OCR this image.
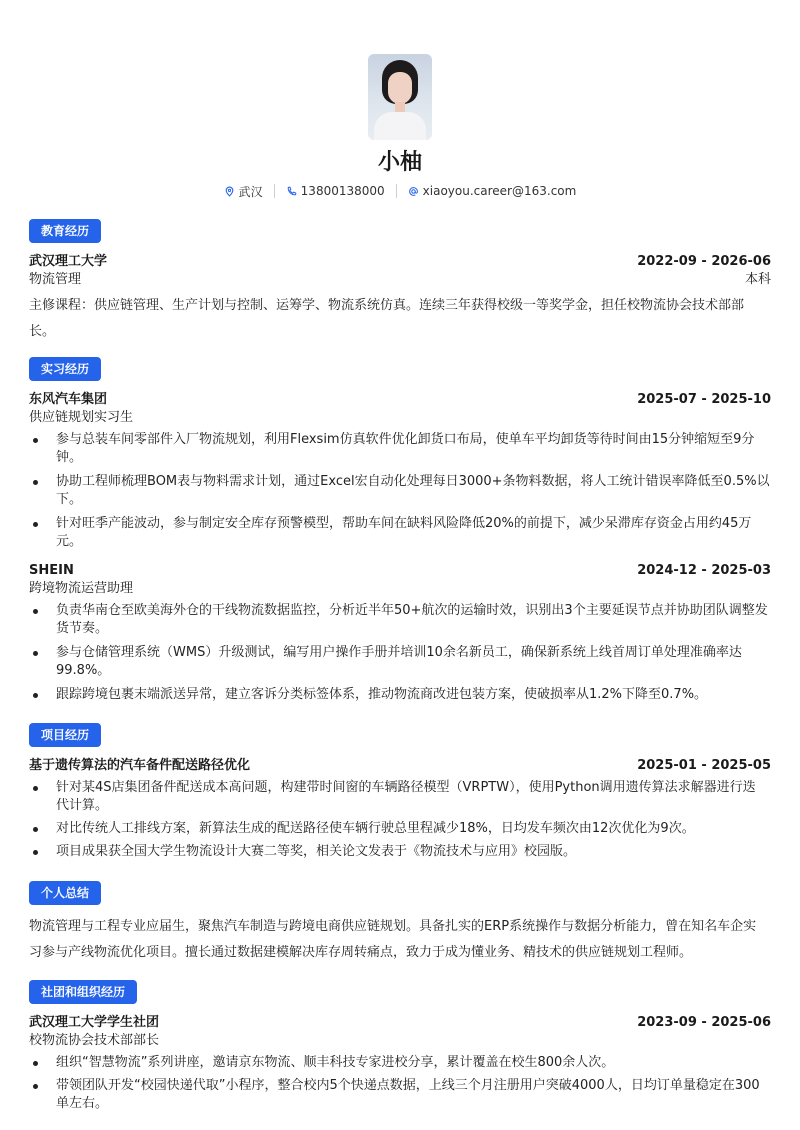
小柚
武汉	13800138000	xiaoyou.career@163.com
教育经历
武汉理工大学	2022-09 - 2026-06
物流管理	本科
主修课程：供应链管理、生产计划与控制、运筹学、物流系统仿真。连续三年获得校级一等奖学金，担任校物流协会技术部部
长。
实习经历
东风汽车集团	2025-07 - 2025-10
供应链规划实习生
参与总装车间零部件入厂物流规划，利用Flexsim仿真软件优化卸货口布局，使单车平均卸货等待时间由15分钟缩短至9分
钟。
协助工程师梳理BOM表与物料需求计划，通过Excel宏自动化处理每日3000+条物料数据，将人工统计错误率降低至0.5%以
下。
针对旺季产能波动，参与制定安全库存预警模型，帮助车间在缺料风险降低20%的前提下，减少呆滞库存资金占用约45万
元。
SHEIN	2024-12 - 2025-03
跨境物流运营助理
负责华南仓至欧美海外仓的干线物流数据监控，分析近半年50+航次的运输时效，识别出3个主要延误节点并协助团队调整发
货节奏。
参与仓储管理系统（WMS）升级测试，编写用户操作手册并培训10余名新员工，确保新系统上线首周订单处理准确率达
99.8%。
跟踪跨境包裹末端派送异常，建立客诉分类标签体系，推动物流商改进包装方案，使破损率从1.2%下降至0.7%。
项目经历
基于遗传算法的汽车备件配送路径优化	2025-01 - 2025-05
针对某4S店集团备件配送成本高问题，构建带时间窗的车辆路径模型（VRPTW），使用Python调用遗传算法求解器进行迭
代计算。
对比传统人工排线方案，新算法生成的配送路径使车辆行驶总里程减少18%，日均发车频次由12次优化为9次。
项目成果获全国大学生物流设计大赛二等奖，相关论文发表于《物流技术与应用》校园版。
个人总结
物流管理与工程专业应届生，聚焦汽车制造与跨境电商供应链规划。具备扎实的ERP系统操作与数据分析能力，曾在知名车企实
习参与产线物流优化项目。擅长通过数据建模解决库存周转痛点，致力于成为懂业务、精技术的供应链规划工程师。
社团和组织经历
武汉理工大学学生社团	2023-09 - 2025-06
校物流协会技术部部长
组织“智慧物流”系列讲座，邀请京东物流、顺丰科技专家进校分享，累计覆盖在校生800余人次。
带领团队开发“校园快递代取”小程序，整合校内5个快递点数据，上线三个月注册用户突破4000人，日均订单量稳定在300
单左右。
